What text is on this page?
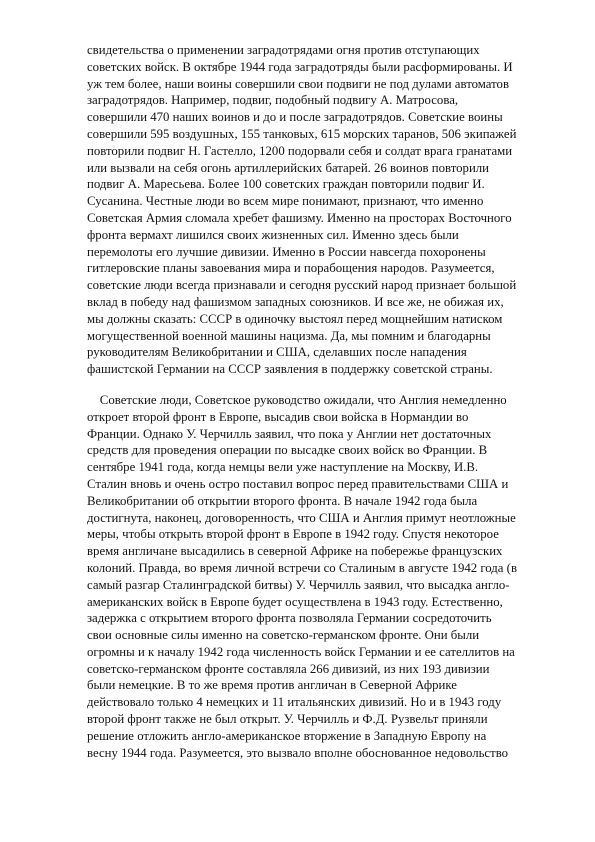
свидетельства о применении заградотрядами огня против отступающих
советских войск. В октябре 1944 года заградотряды были расформированы. И
уж тем более, наши воины совершили свои подвиги не под дулами автоматов
заградотрядов. Например, подвиг, подобный подвигу А. Матросова,
совершили 470 наших воинов и до и после заградотрядов. Советские воины
совершили 595 воздушных, 155 танковых, 615 морских таранов, 506 экипажей
повторили подвиг Н. Гастелло, 1200 подорвали себя и солдат врага гранатами
или вызвали на себя огонь артиллерийских батарей. 26 воинов повторили
подвиг А. Маресьева. Более 100 советских граждан повторили подвиг И.
Сусанина. Честные люди во всем мире понимают, признают, что именно
Советская Армия сломала хребет фашизму. Именно на просторах Восточного
фронта вермахт лишился своих жизненных сил. Именно здесь были
перемолоты его лучшие дивизии. Именно в России навсегда похоронены
гитлеровские планы завоевания мира и порабощения народов. Разумеется,
советские люди всегда признавали и сегодня русский народ признает большой
вклад в победу над фашизмом западных союзников. И все же, не обижая их,
мы должны сказать: СССР в одиночку выстоял перед мощнейшим натиском
могущественной военной машины нацизма. Да, мы помним и благодарны
руководителям Великобритании и США, сделавших после нападения
фашистской Германии на СССР заявления в поддержку советской страны.
Советские люди, Советское руководство ожидали, что Англия немедленно
откроет второй фронт в Европе, высадив свои войска в Нормандии во
Франции. Однако У. Черчилль заявил, что пока у Англии нет достаточных
средств для проведения операции по высадке своих войск во Франции. В
сентябре 1941 года, когда немцы вели уже наступление на Москву, И.В.
Сталин вновь и очень остро поставил вопрос перед правительствами США и
Великобритании об открытии второго фронта. В начале 1942 года была
достигнута, наконец, договоренность, что США и Англия примут неотложные
меры, чтобы открыть второй фронт в Европе в 1942 году. Спустя некоторое
время англичане высадились в северной Африке на побережье французских
колоний. Правда, во время личной встречи со Сталиным в августе 1942 года (в
самый разгар Сталинградской битвы) У. Черчилль заявил, что высадка англо-
американских войск в Европе будет осуществлена в 1943 году. Естественно,
задержка с открытием второго фронта позволяла Германии сосредоточить
свои основные силы именно на советско-германском фронте. Они были
огромны и к началу 1942 года численность войск Германии и ее сателлитов на
советско-германском фронте составляла 266 дивизий, из них 193 дивизии
были немецкие. В то же время против англичан в Северной Африке
действовало только 4 немецких и 11 итальянских дивизий. Но и в 1943 году
второй фронт также не был открыт. У. Черчилль и Ф.Д. Рузвельт приняли
решение отложить англо-американское вторжение в Западную Европу на
весну 1944 года. Разумеется, это вызвало вполне обоснованное недовольство
